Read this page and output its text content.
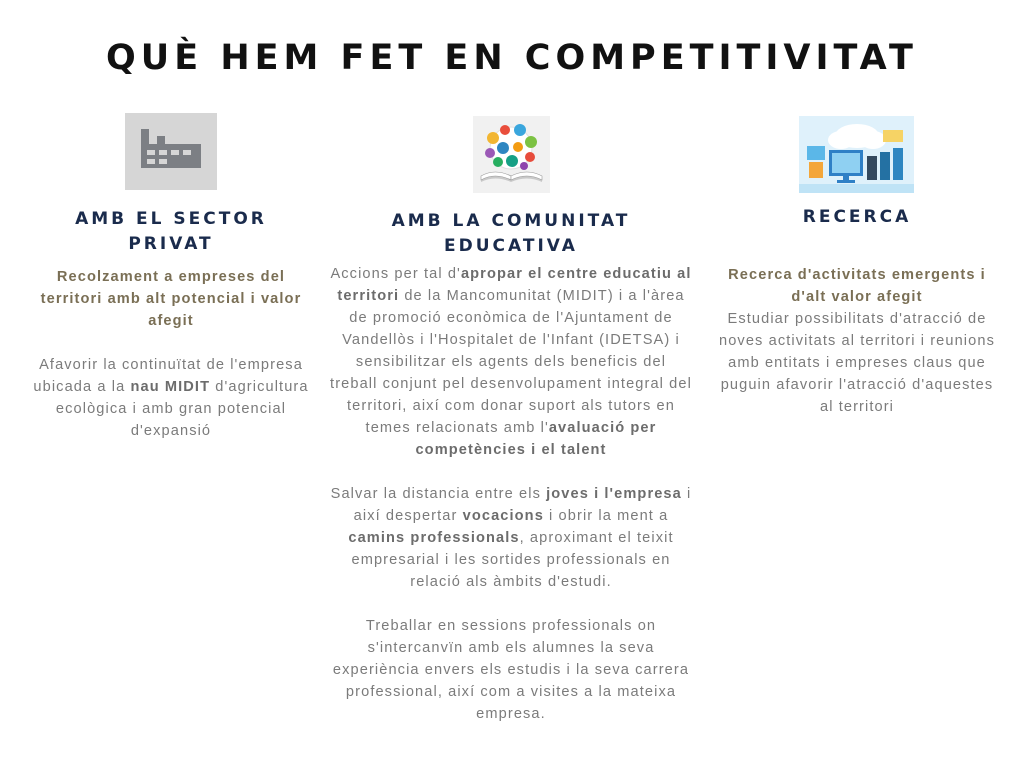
QUÈ HEM FET EN COMPETITIVITAT
AMB EL SECTOR
PRIVAT

Recolzament a empreses del territori amb alt potencial i valor afegit

Afavorir la continuïtat de l'empresa ubicada a la nau MIDIT d'agricultura ecològica i amb gran potencial d'expansió

AMB LA COMUNITAT
EDUCATIVA

Accions per tal d'apropar el centre educatiu al territori de la Mancomunitat (MIDIT) i a l'àrea de promoció econòmica de l'Ajuntament de Vandellòs i l'Hospitalet de l'Infant (IDETSA) i sensibilitzar els agents dels beneficis del treball conjunt pel desenvolupament integral del territori, així com donar suport als tutors en temes relacionats amb l'avaluació per competències i el talent

Salvar la distancia entre els joves i l'empresa i així despertar vocacions i obrir la ment a camins professionals, aproximant el teixit empresarial i les sortides professionals en relació als àmbits d'estudi.

Treballar en sessions professionals on s'intercanvïn amb els alumnes la seva experiència envers els estudis i la seva carrera professional, així com a visites a la mateixa empresa.

RECERCA

Recerca d'activitats emergents i d'alt valor afegit

Estudiar possibilitats d'atracció de noves activitats al territori i reunions amb entitats i empreses claus que puguin afavorir l'atracció d'aquestes al territori
